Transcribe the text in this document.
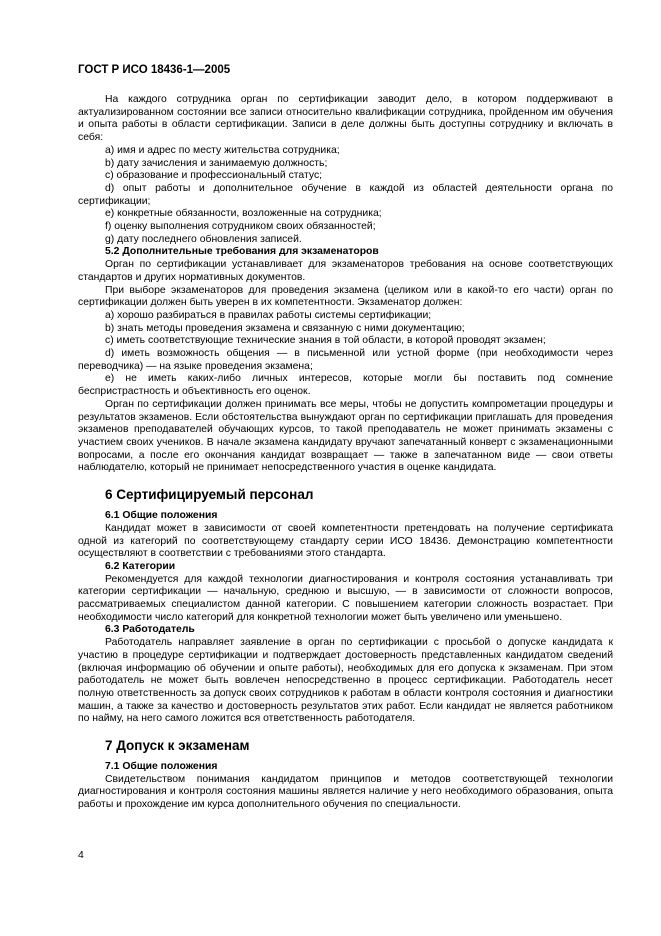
ГОСТ Р ИСО 18436-1—2005

На каждого сотрудника орган по сертификации заводит дело, в котором поддерживают в актуализированном состоянии все записи относительно квалификации сотрудника, пройденном им обучения и опыта работы в области сертификации. Записи в деле должны быть доступны сотруднику и включать в себя:

а) имя и адрес по месту жительства сотрудника;

b) дату зачисления и занимаемую должность;

с) образование и профессиональный статус;

d) опыт работы и дополнительное обучение в каждой из областей деятельности органа по сертификации;

е) конкретные обязанности, возложенные на сотрудника;

f) оценку выполнения сотрудником своих обязанностей;

g) дату последнего обновления записей.

5.2 Дополнительные требования для экзаменаторов

Орган по сертификации устанавливает для экзаменаторов требования на основе соответствующих стандартов и других нормативных документов.

При выборе экзаменаторов для проведения экзамена (целиком или в какой-то его части) орган по сертификации должен быть уверен в их компетентности. Экзаменатор должен:

а) хорошо разбираться в правилах работы системы сертификации;

b) знать методы проведения экзамена и связанную с ними документацию;

с) иметь соответствующие технические знания в той области, в которой проводят экзамен;

d) иметь возможность общения — в письменной или устной форме (при необходимости через переводчика) — на языке проведения экзамена;

е) не иметь каких-либо личных интересов, которые могли бы поставить под сомнение беспристрастность и объективность его оценок.

Орган по сертификации должен принимать все меры, чтобы не допустить компрометации процедуры и результатов экзаменов. Если обстоятельства вынуждают орган по сертификации приглашать для проведения экзаменов преподавателей обучающих курсов, то такой преподаватель не может принимать экзамены с участием своих учеников. В начале экзамена кандидату вручают запечатанный конверт с экзаменационными вопросами, а после его окончания кандидат возвращает — также в запечатанном виде — свои ответы наблюдателю, который не принимает непосредственного участия в оценке кандидата.

6 Сертифицируемый персонал

6.1 Общие положения

Кандидат может в зависимости от своей компетентности претендовать на получение сертификата одной из категорий по соответствующему стандарту серии ИСО 18436. Демонстрацию компетентности осуществляют в соответствии с требованиями этого стандарта.

6.2 Категории

Рекомендуется для каждой технологии диагностирования и контроля состояния устанавливать три категории сертификации — начальную, среднюю и высшую, — в зависимости от сложности вопросов, рассматриваемых специалистом данной категории. С повышением категории сложность возрастает. При необходимости число категорий для конкретной технологии может быть увеличено или уменьшено.

6.3 Работодатель

Работодатель направляет заявление в орган по сертификации с просьбой о допуске кандидата к участию в процедуре сертификации и подтверждает достоверность представленных кандидатом сведений (включая информацию об обучении и опыте работы), необходимых для его допуска к экзаменам. При этом работодатель не может быть вовлечен непосредственно в процесс сертификации. Работодатель несет полную ответственность за допуск своих сотрудников к работам в области контроля состояния и диагностики машин, а также за качество и достоверность результатов этих работ. Если кандидат не является работником по найму, на него самого ложится вся ответственность работодателя.

7 Допуск к экзаменам

7.1 Общие положения

Свидетельством понимания кандидатом принципов и методов соответствующей технологии диагностирования и контроля состояния машины является наличие у него необходимого образования, опыта работы и прохождение им курса дополнительного обучения по специальности.

4
